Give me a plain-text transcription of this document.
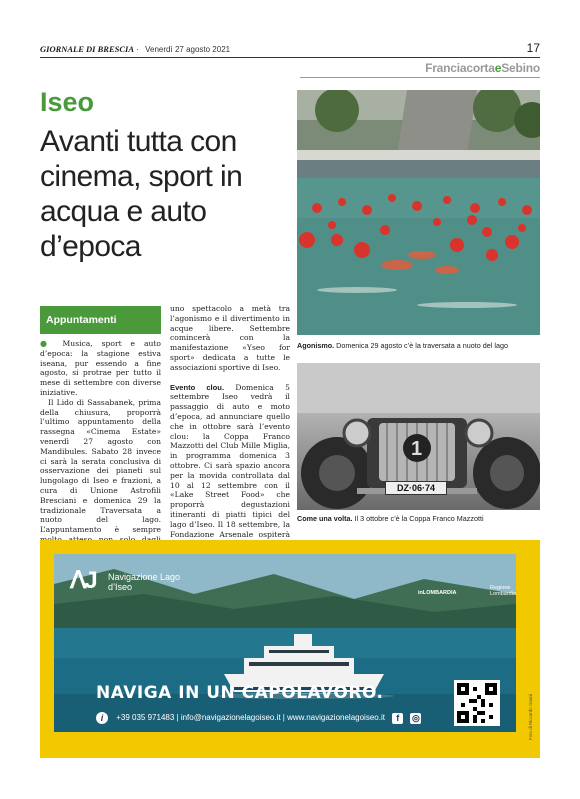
GIORNALE DI BRESCIA · Venerdì 27 agosto 2021	17
FranciacortaeSebino
Iseo
Avanti tutta con cinema, sport in acqua e auto d’epoca
Agonismo. Domenica 29 agosto c’è la traversata a nuoto del lago
1
DZ·06·74
Come una volta. Il 3 ottobre c’è la Coppa Franco Mazzotti
Appuntamenti

● Musica, sport e auto d’epoca: la stagione estiva iseana, pur essendo a fine agosto, si protrae per tutto il mese di settembre con diverse iniziative.

Il Lido di Sassabanek, prima della chiusura, proporrà l’ultimo appuntamento della rassegna «Cinema Estate» venerdì 27 agosto con Mandibules. Sabato 28 invece ci sarà la serata conclusiva di osservazione dei pianeti sul lungolago di Iseo e frazioni, a cura di Unione Astrofili Bresciani e domenica 29 la tradizionale Traversata a nuoto del lago. L’appuntamento è sempre

uno spettacolo a metà tra l’agonismo e il divertimento in acque libere. Settembre comincerà con la manifestazione «Yseo for sport» dedicata a tutte le associazioni sportive di Iseo.

Evento clou. Domenica 5 settembre Iseo vedrà il passaggio di auto e moto d’epoca, ad annunciare quello che in ottobre sarà l’evento clou: la Coppa Franco Mazzotti del Club Mille Miglia, in programma domenica 3 ottobre. Ci sarà spazio ancora per la movida controllata dal 10 al 12 settembre con il «Lake Street Food» che proporrà degustazioni itineranti di piatti tipici del lago d’Iseo. Il 18 settembre, la Fondazione Arsenale ospiterà

ꓥJ Navigazione Lago d’Iseo
inLOMBARDIA
Regione Lombardia
NAVIGA IN UN CAPOLAVORO.
i +39 035 971483 | info@navigazionelagoiseo.it | www.navigazionelagoiseo.it f ◎	Foto di Riccardo Gnani
